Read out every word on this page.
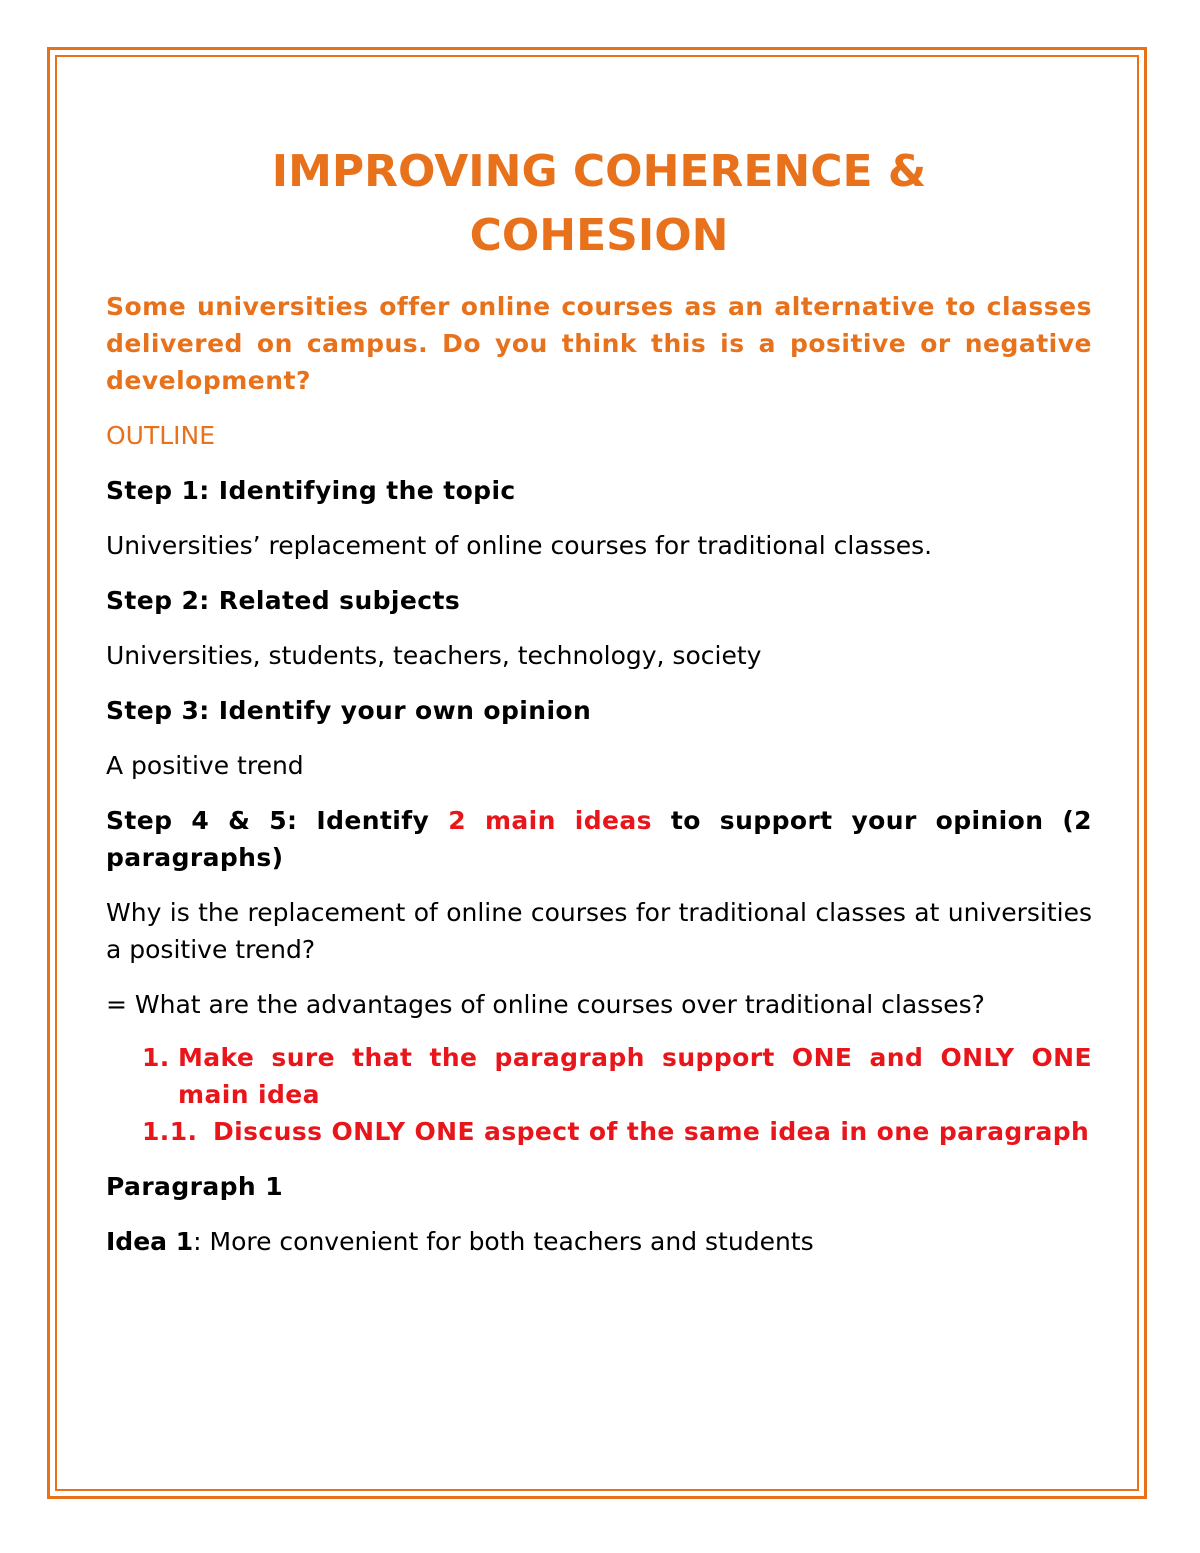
IMPROVING COHERENCE &
COHESION

Some universities offer online courses as an alternative to classes delivered on campus. Do you think this is a positive or negative development?

OUTLINE

Step 1: Identifying the topic

Universities’ replacement of online courses for traditional classes.

Step 2: Related subjects

Universities, students, teachers, technology, society

Step 3: Identify your own opinion

A positive trend

Step 4 & 5: Identify 2 main ideas to support your opinion (2 paragraphs)

Why is the replacement of online courses for traditional classes at universities a positive trend?

= What are the advantages of online courses over traditional classes?

1. Make sure that the paragraph support ONE and ONLY ONE main idea
1.1. Discuss ONLY ONE aspect of the same idea in one paragraph

Paragraph 1

Idea 1: More convenient for both teachers and students
